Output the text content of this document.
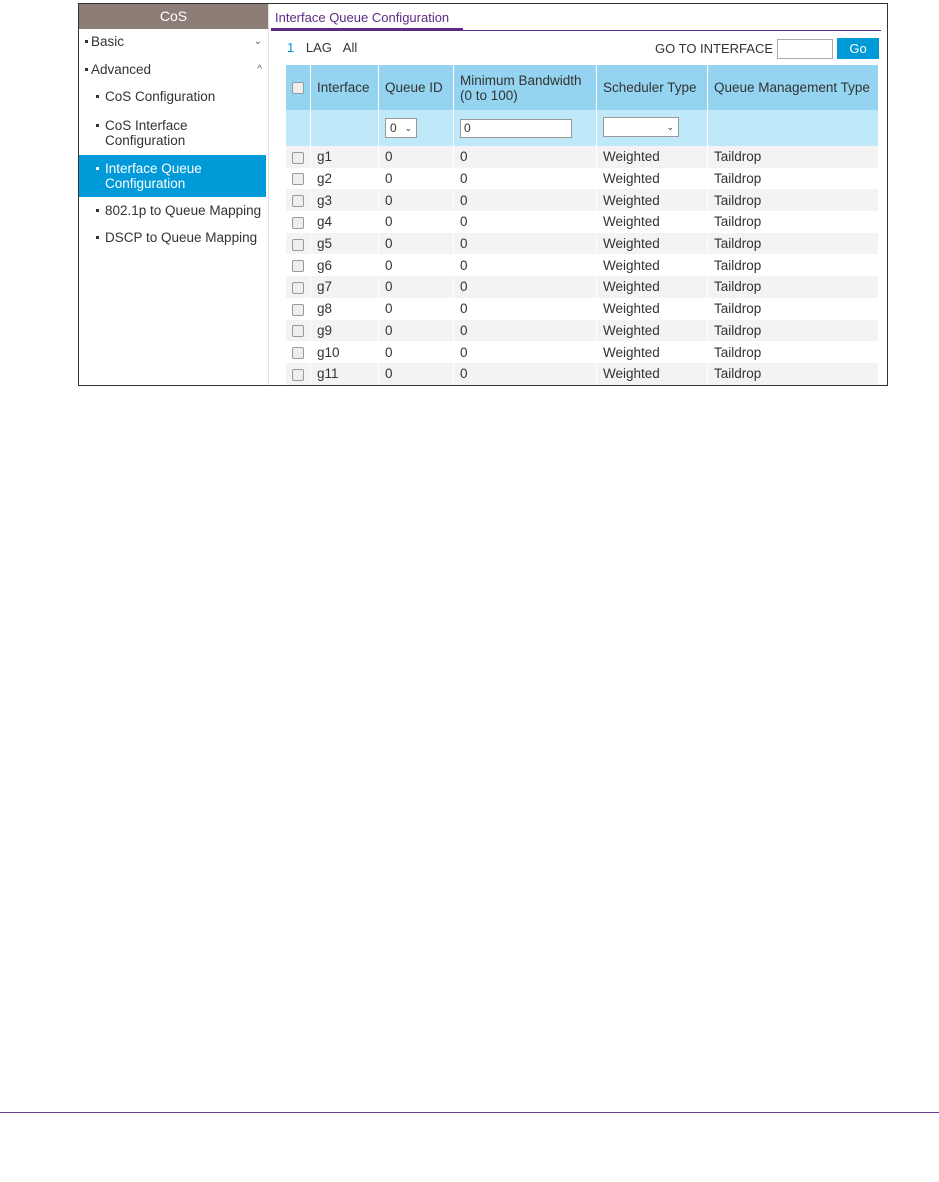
CoS
Basic	⌄
Advanced	^
CoS Configuration
CoS Interface Configuration
Interface Queue Configuration
802.1p to Queue Mapping
DSCP to Queue Mapping
Interface Queue Configuration
1 LAG All	GO TO INTERFACE	Go
	Interface	Queue ID	Minimum Bandwidth (0 to 100)	Scheduler Type	Queue Management Type
		0 ⌄	0	⌄	

	g1	0	0	Weighted	Taildrop
	g2	0	0	Weighted	Taildrop
	g3	0	0	Weighted	Taildrop
	g4	0	0	Weighted	Taildrop
	g5	0	0	Weighted	Taildrop
	g6	0	0	Weighted	Taildrop
	g7	0	0	Weighted	Taildrop
	g8	0	0	Weighted	Taildrop
	g9	0	0	Weighted	Taildrop
	g10	0	0	Weighted	Taildrop
	g11	0	0	Weighted	Taildrop
